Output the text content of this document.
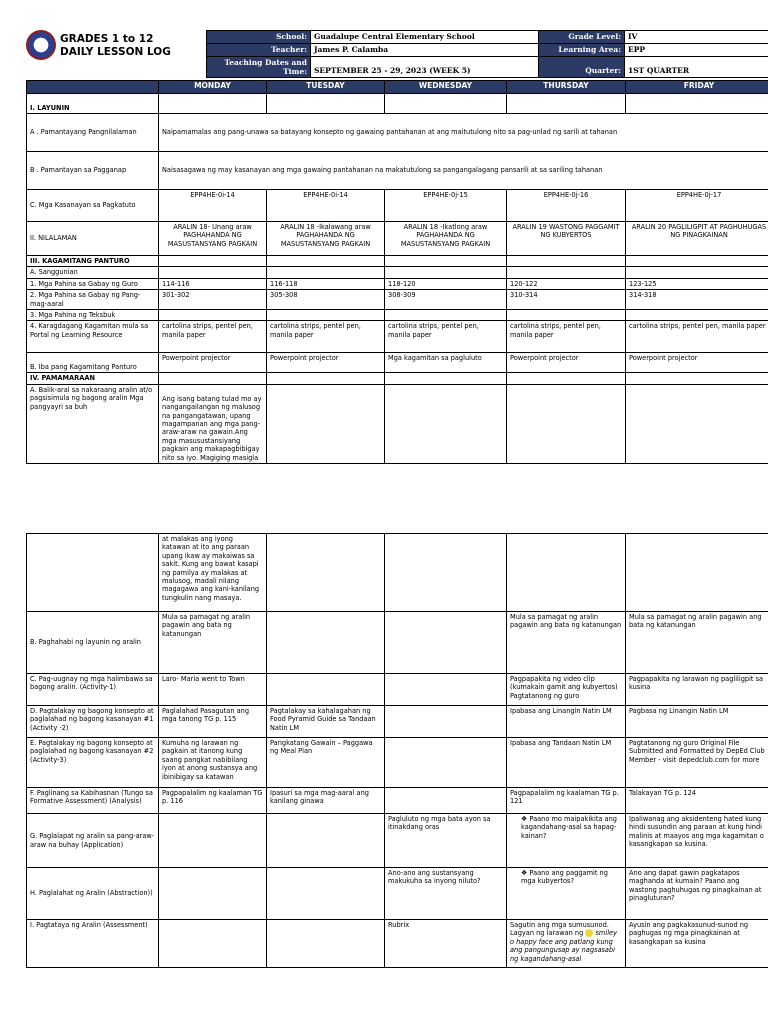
GRADES 1 to 12
DAILY LESSON LOG
School:	Guadalupe Central Elementary School	Grade Level:	IV
Teacher:	James P. Calamba	Learning Area:	EPP
Teaching Dates and Time:	SEPTEMBER 25 - 29, 2023 (WEEK 5)	Quarter:	1ST QUARTER
	MONDAY	TUESDAY	WEDNESDAY	THURSDAY	FRIDAY
I. LAYUNIN					
A . Pamantayang Pangnilalaman	Naipamamalas ang pang-unawa sa batayang konsepto ng gawaing pantahanan at ang maitutulong nito sa pag-unlad ng sarili at tahanan				
B . Pamantayan sa Pagganap	Naisasagawa ng may kasanayan ang mga gawaing pantahanan na makatutulong sa pangangalagang pansarili at sa sariling tahanan				
C. Mga Kasanayan sa Pagkatuto	EPP4HE-0i-14	EPP4HE-0i-14	EPP4HE-0j-15	EPP4HE-0j-16	EPP4HE-0j-17
II. NILALAMAN	ARALIN 18- Unang araw PAGHAHANDA NG MASUSTANSYANG PAGKAIN	ARALIN 18 -Ikalawang araw PAGHAHANDA NG MASUSTANSYANG PAGKAIN	ARALIN 18 -Ikatlong araw PAGHAHANDA NG MASUSTANSYANG PAGKAIN	ARALIN 19 WASTONG PAGGAMIT NG KUBYERTOS	ARALIN 20 PAGLILIGPIT AT PAGHUHUGAS NG PINAGKAINAN
III. KAGAMITANG PANTURO					
A. Sanggunian					
1. Mga Pahina sa Gabay ng Guro	114-116	116-118	118-120	120-122	123-125
2. Mga Pahina sa Gabay ng Pang-mag-aaral	301-302	305-308	308-309	310-314	314-318
3. Mga Pahina ng Teksbuk					
4. Karagdagang Kagamitan mula sa Portal ng Learning Resource	cartolina strips, pentel pen, manila paper	cartolina strips, pentel pen, manila paper	cartolina strips, pentel pen, manila paper	cartolina strips, pentel pen, manila paper	cartolina strips, pentel pen, manila paper
B. Iba pang Kagamitang Panturo	Powerpoint projector	Powerpoint projector	Mga kagamitan sa pagluluto	Powerpoint projector	Powerpoint projector
IV. PAMAMARAAN					
A. Balik-aral sa nakaraang aralin at/o pagsisimula ng bagong aralin Mga pangyayri sa buh	Ang isang batang tulad mo ay nangangailangan ng malusog na pangangatawan, upang magampanan ang mga pang-araw-araw na gawain.Ang mga masusustansiyang pagkain ang makapagbibigay nito sa iyo. Magiging masigla				
	at malakas ang iyong katawan at ito ang paraan upang ikaw ay makaiwas sa sakit. Kung ang bawat kasapi ng pamilya ay malakas at malusog, madali nilang magagawa ang kani-kanilang tungkulin nang masaya.				
B. Paghahabi ng layunin ng aralin	Mula sa pamagat ng aralin pagawin ang bata ng katanungan			Mula sa pamagat ng aralin pagawin ang bata ng katanungan	Mula sa pamagat ng aralin pagawin ang bata ng katanungan
C. Pag-uugnay ng mga halimbawa sa bagong aralin. (Activity-1)	Laro- Maria went to Town			Pagpapakita ng video clip (kumakain gamit ang kubyertos) Pagtatanong ng guro	Pagpapakita ng larawan ng pagliligpit sa kusina
D. Pagtalakay ng bagong konsepto at paglalahad ng bagong kasanayan #1 (Activity -2)	Paglalahad Pasagutan ang mga tanong TG p. 115	Pagtalakay sa kahalagahan ng Food Pyramid Guide sa Tandaan Natin LM		Ipabasa ang Linangin Natin LM	Pagbasa ng Linangin Natin LM
E. Pagtalakay ng bagong konsepto at paglalahad ng bagong kasanayan #2 (Activity-3)	Kumuha ng larawan ng pagkain at itanong kung saang pangkat nabibilang iyon at anong sustansya ang ibinibigay sa katawan	Pangkatang Gawain – Paggawa ng Meal Plan		Ipabasa ang Tandaan Natin LM	Pagtatanong ng guro Original File Submitted and Formatted by DepEd Club Member - visit depedclub.com for more
F. Paglinang sa Kabihasnan (Tungo sa Formative Assessment) (Analysis)	Pagpapalalim ng kaalaman TG p. 116	Ipasuri sa mga mag-aaral ang kanilang ginawa		Pagpapalalim ng kaalaman TG p. 121	Talakayan TG p. 124
G. Paglalapat ng aralin sa pang-araw-araw na buhay (Application)			Pagluluto ng mga bata ayon sa itinakdang oras	❖ Paano mo maipakikita ang kagandahang-asal sa hapag-kainan?	Ipaliwanag ang aksidenteng hated kung hindi susundin ang paraan at kung hindi malinis at maayos ang mga kagamitan o kasangkapan sa kusina.
H. Paglalahat ng Aralin (Abstraction))			Ano-ano ang sustansyang makukuha sa inyong niluto?	❖ Paano ang paggamit ng mga kubyertos?	Ano ang dapat gawin pagkatapos maghanda at kumain? Paano ang wastong paghuhugas ng pinagkainan at pinagluturan?
I. Pagtataya ng Aralin (Assessment)			Rubrix	Sagutin ang mga sumusunod. Lagyan ng larawan ng smiley o happy face ang patlang kung ang pangungusap ay nagsasabi ng kagandahang-asal	Ayusin ang pagkakasunud-sunod ng paghugas ng mga pinagkainan at kasangkapan sa kusina
